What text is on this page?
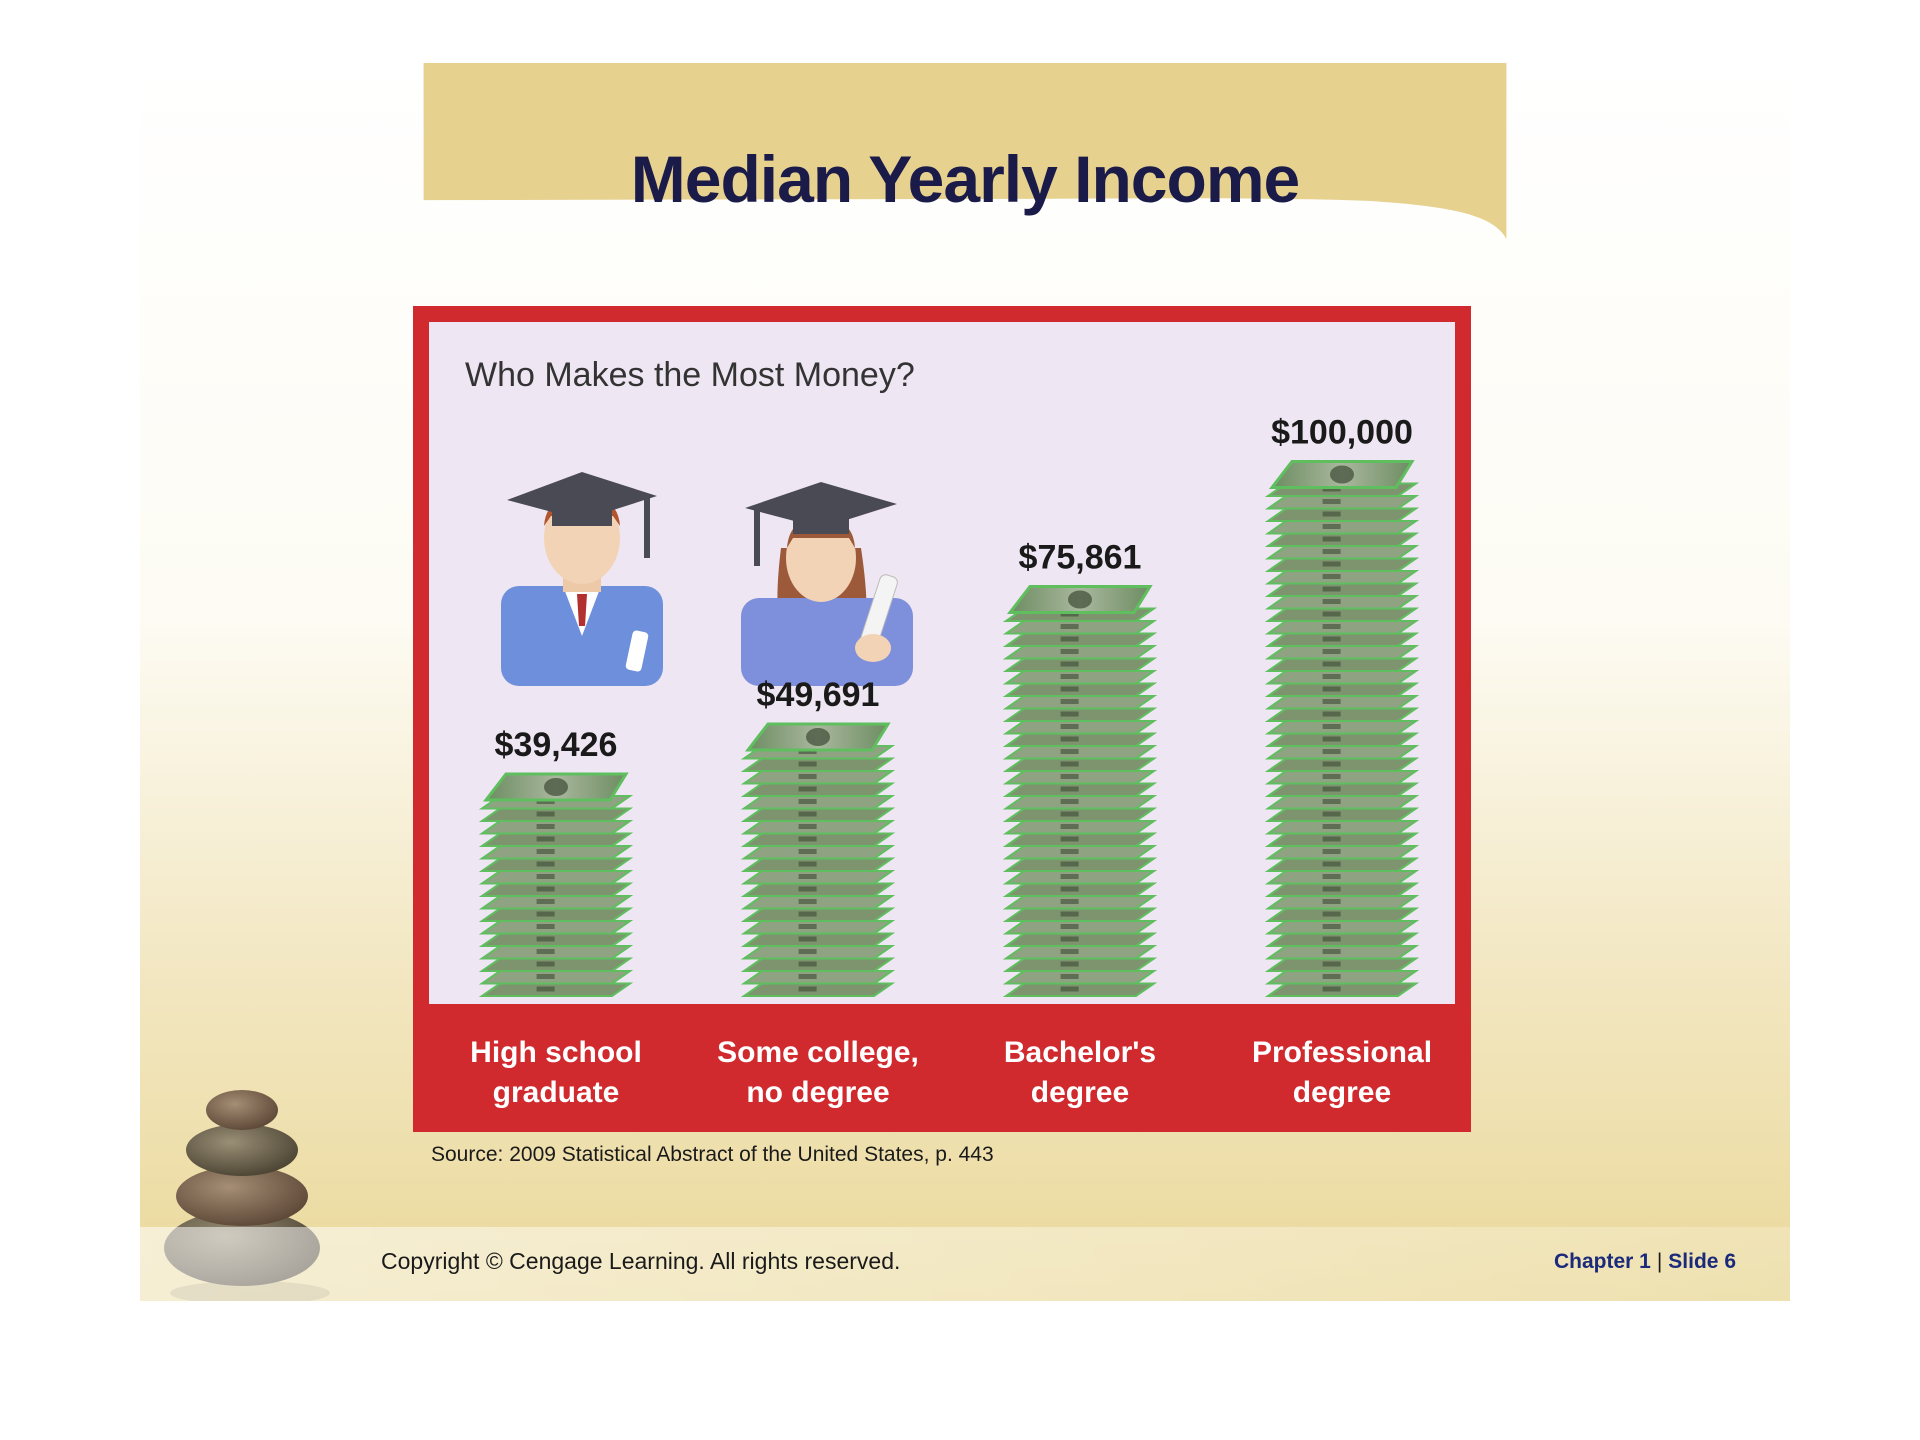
Median Yearly Income
Who Makes the Most Money?
$39,426
$49,691
$75,861
$100,000
High school
graduate
Some college,
no degree
Bachelor's
degree
Professional
degree
Source: 2009 Statistical Abstract of the United States, p. 443
Copyright © Cengage Learning. All rights reserved.	Chapter 1 | Slide 6
